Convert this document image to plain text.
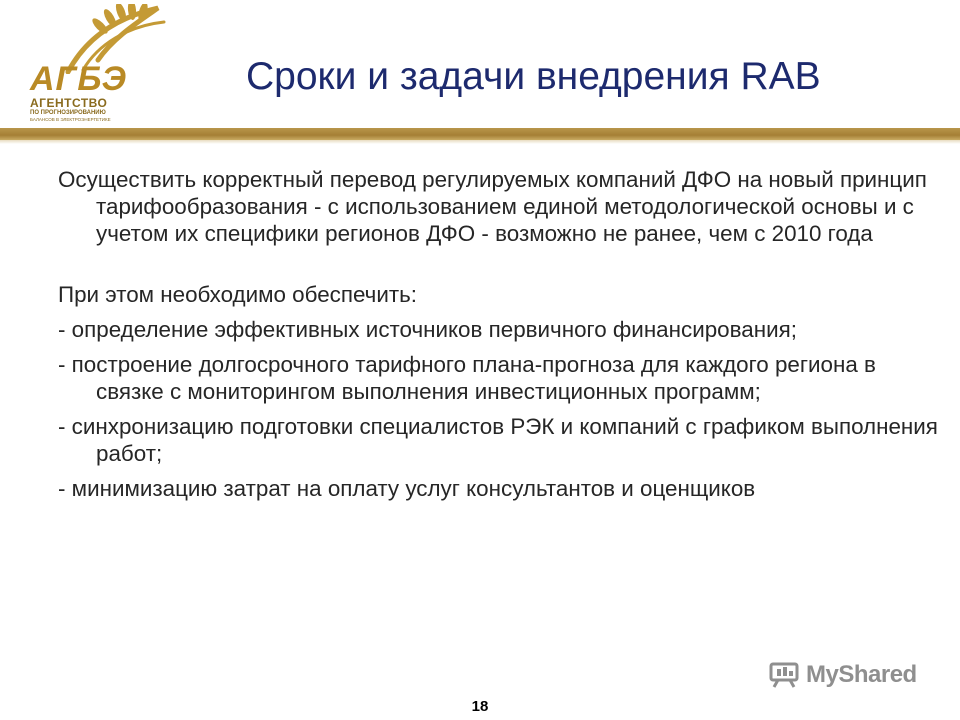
АГБЭ
АГЕНТСТВО
ПО ПРОГНОЗИРОВАНИЮ
БАЛАНСОВ В ЭЛЕКТРОЭНЕРГЕТИКЕ
Сроки и задачи внедрения RAB

Осуществить корректный перевод регулируемых компаний ДФО на новый принцип тарифообразования - с использованием единой методологической основы и с учетом их специфики регионов ДФО - возможно не ранее, чем с 2010 года

При этом необходимо обеспечить:

- определение эффективных источников первичного финансирования;

- построение долгосрочного тарифного плана-прогноза для каждого региона в связке с мониторингом выполнения инвестиционных программ;

- синхронизацию подготовки специалистов РЭК и компаний с графиком выполнения работ;

- минимизацию затрат на оплату услуг консультантов и оценщиков

MyShared
18
